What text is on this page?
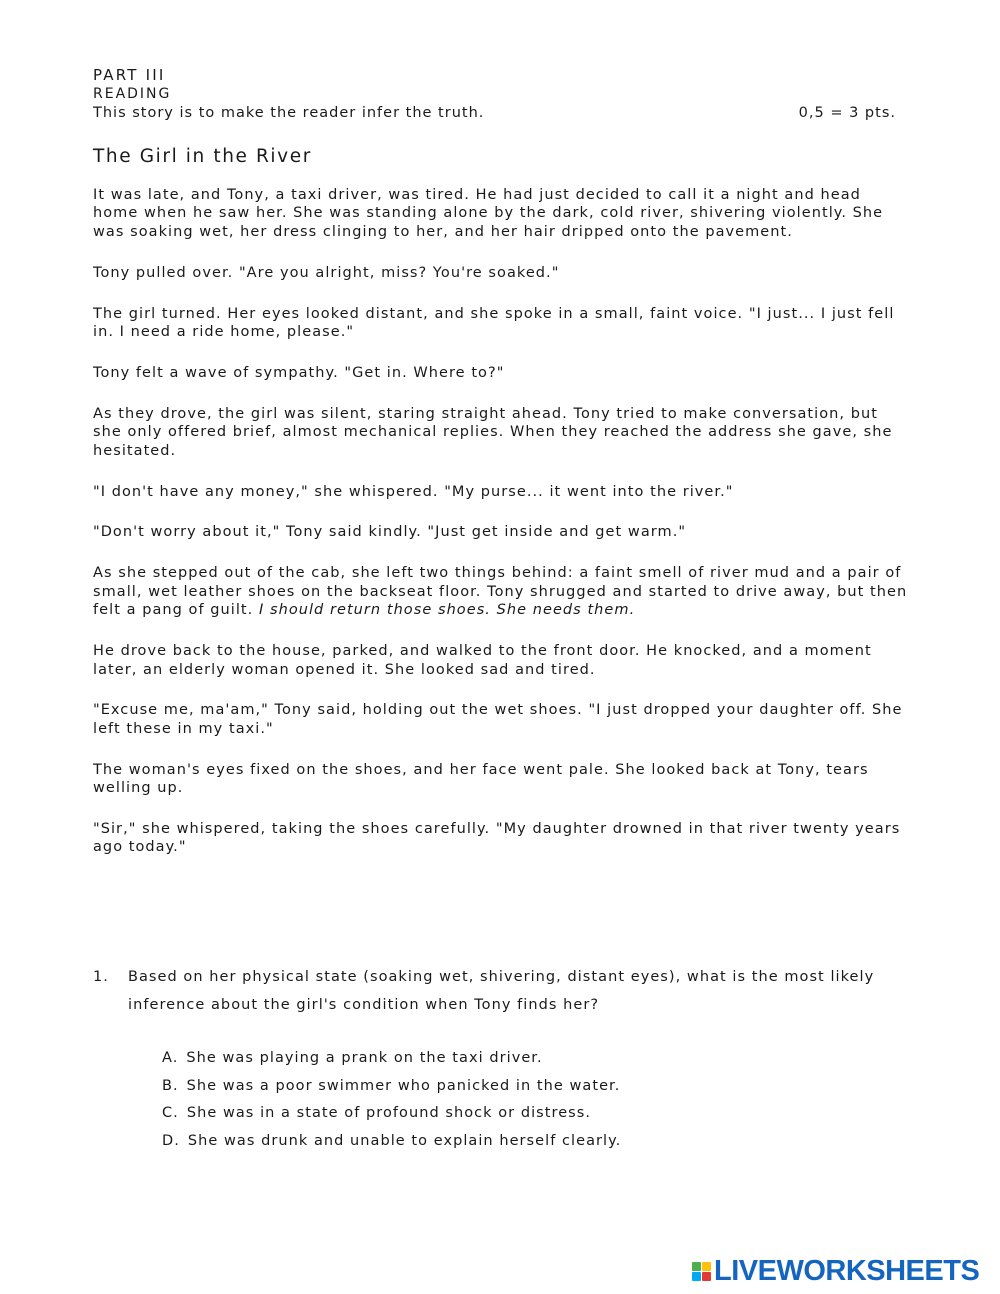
PART III

READING

This story is to make the reader infer the truth.	0,5 = 3 pts.
The Girl in the River

It was late, and Tony, a taxi driver, was tired. He had just decided to call it a night and head home when he saw her. She was standing alone by the dark, cold river, shivering violently. She was soaking wet, her dress clinging to her, and her hair dripped onto the pavement.

Tony pulled over. "Are you alright, miss? You're soaked."

The girl turned. Her eyes looked distant, and she spoke in a small, faint voice. "I just... I just fell in. I need a ride home, please."

Tony felt a wave of sympathy. "Get in. Where to?"

As they drove, the girl was silent, staring straight ahead. Tony tried to make conversation, but she only offered brief, almost mechanical replies. When they reached the address she gave, she hesitated.

"I don't have any money," she whispered. "My purse... it went into the river."

"Don't worry about it," Tony said kindly. "Just get inside and get warm."

As she stepped out of the cab, she left two things behind: a faint smell of river mud and a pair of small, wet leather shoes on the backseat floor. Tony shrugged and started to drive away, but then felt a pang of guilt. I should return those shoes. She needs them.

He drove back to the house, parked, and walked to the front door. He knocked, and a moment later, an elderly woman opened it. She looked sad and tired.

"Excuse me, ma'am," Tony said, holding out the wet shoes. "I just dropped your daughter off. She left these in my taxi."

The woman's eyes fixed on the shoes, and her face went pale. She looked back at Tony, tears welling up.

"Sir," she whispered, taking the shoes carefully. "My daughter drowned in that river twenty years ago today."

1.	Based on her physical state (soaking wet, shivering, distant eyes), what is the most likely inference about the girl's condition when Tony finds her?
A. She was playing a prank on the taxi driver.
B. She was a poor swimmer who panicked in the water.
C. She was in a state of profound shock or distress.
D. She was drunk and unable to explain herself clearly.
LIVEWORKSHEETS
